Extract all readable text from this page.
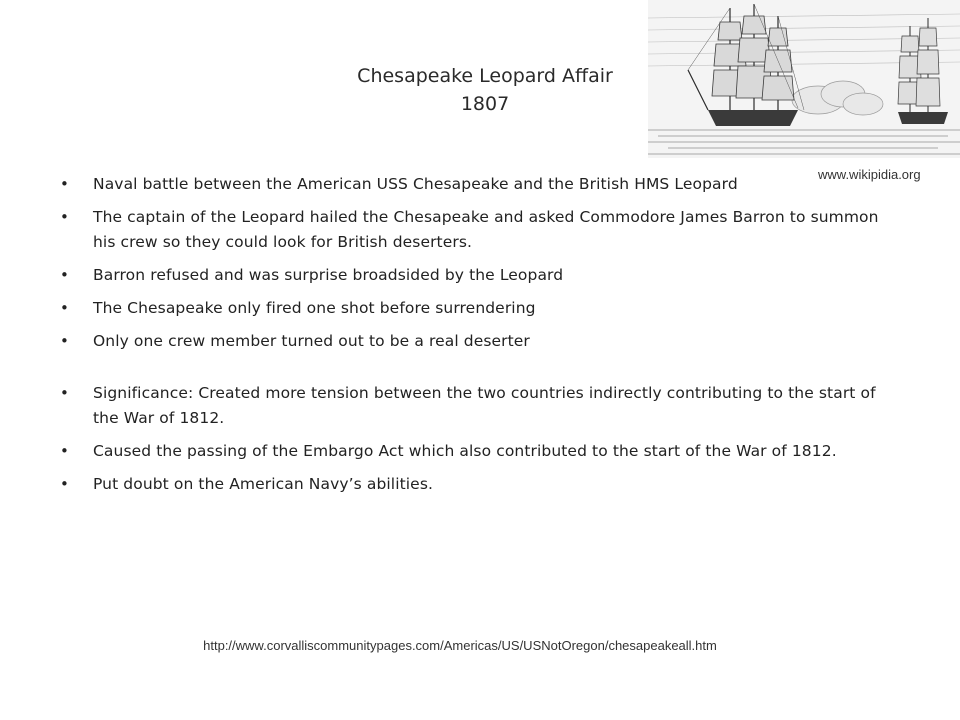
Chesapeake Leopard Affair
1807
www.wikipidia.org
• Naval battle between the American USS Chesapeake and the British HMS Leopard
• The captain of the Leopard hailed the Chesapeake and asked Commodore James Barron to summon his crew so they could look for British deserters.
• Barron refused and was surprise broadsided by the Leopard
• The Chesapeake only fired one shot before surrendering
• Only one crew member turned out to be a real deserter
• Significance: Created more tension between the two countries indirectly contributing to the start of the War of 1812.
• Caused the passing of the Embargo Act which also contributed to the start of the War of 1812.
• Put doubt on the American Navy’s abilities.
http://www.corvalliscommunitypages.com/Americas/US/USNotOregon/chesapeakeall.htm
